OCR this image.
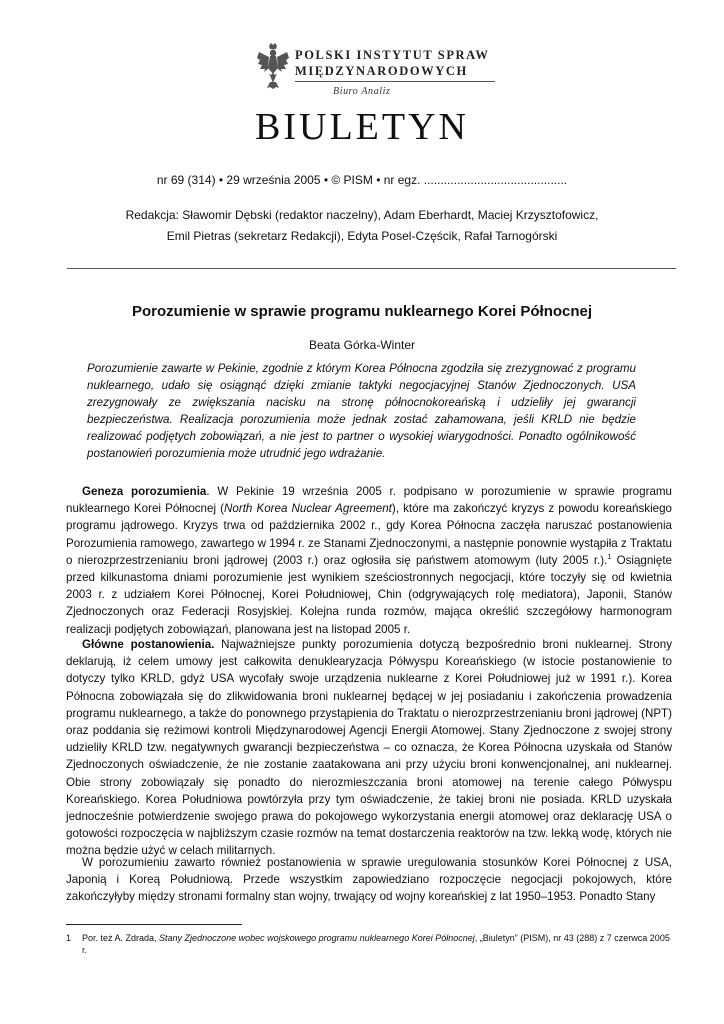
POLSKI INSTYTUT SPRAW
MIĘDZYNARODOWYCH
Biuro Analiz
BIULETYN
nr 69 (314) • 29 września 2005 • © PISM • nr egz. ...........................................
Redakcja: Sławomir Dębski (redaktor naczelny), Adam Eberhardt, Maciej Krzysztofowicz,
Emil Pietras (sekretarz Redakcji), Edyta Posel-Częścik, Rafał Tarnogórski
Porozumienie w sprawie programu nuklearnego Korei Północnej
Beata Górka-Winter
Porozumienie zawarte w Pekinie, zgodnie z którym Korea Północna zgodziła się zrezygnować z programu nuklearnego, udało się osiągnąć dzięki zmianie taktyki negocjacyjnej Stanów Zjednoczonych. USA zrezygnowały ze zwiększania nacisku na stronę północnokoreańską i udzieliły jej gwarancji bezpieczeństwa. Realizacja porozumienia może jednak zostać zahamowana, jeśli KRLD nie będzie realizować podjętych zobowiązań, a nie jest to partner o wysokiej wiarygodności. Ponadto ogólnikowość postanowień porozumienia może utrudnić jego wdrażanie.
Geneza porozumienia. W Pekinie 19 września 2005 r. podpisano w porozumienie w sprawie programu nuklearnego Korei Północnej (North Korea Nuclear Agreement), które ma zakończyć kryzys z powodu koreańskiego programu jądrowego. Kryzys trwa od października 2002 r., gdy Korea Północna zaczęła naruszać postanowienia Porozumienia ramowego, zawartego w 1994 r. ze Stanami Zjednoczonymi, a następnie ponownie wystąpiła z Traktatu o nierozprzestrzenianiu broni jądrowej (2003 r.) oraz ogłosiła się państwem atomowym (luty 2005 r.).$^1$ Osiągnięte przed kilkunastoma dniami porozumienie jest wynikiem sześciostronnych negocjacji, które toczyły się od kwietnia 2003 r. z udziałem Korei Północnej, Korei Południowej, Chin (odgrywających rolę mediatora), Japonii, Stanów Zjednoczonych oraz Federacji Rosyjskiej. Kolejna runda rozmów, mająca określić szczegółowy harmonogram realizacji podjętych zobowiązań, planowana jest na listopad 2005 r.
Główne postanowienia. Najważniejsze punkty porozumienia dotyczą bezpośrednio broni nuklearnej. Strony deklarują, iż celem umowy jest całkowita denuklearyzacja Półwyspu Koreańskiego (w istocie postanowienie to dotyczy tylko KRLD, gdyż USA wycofały swoje urządzenia nuklearne z Korei Południowej już w 1991 r.). Korea Północna zobowiązała się do zlikwidowania broni nuklearnej będącej w jej posiadaniu i zakończenia prowadzenia programu nuklearnego, a także do ponownego przystąpienia do Traktatu o nierozprzestrzenianiu broni jądrowej (NPT) oraz poddania się reżimowi kontroli Międzynarodowej Agencji Energii Atomowej. Stany Zjednoczone z swojej strony udzieliły KRLD tzw. negatywnych gwarancji bezpieczeństwa – co oznacza, że Korea Północna uzyskała od Stanów Zjednoczonych oświadczenie, że nie zostanie zaatakowana ani przy użyciu broni konwencjonalnej, ani nuklearnej. Obie strony zobowiązały się ponadto do nierozmieszczania broni atomowej na terenie całego Półwyspu Koreańskiego. Korea Południowa powtórzyła przy tym oświadczenie, że takiej broni nie posiada. KRLD uzyskała jednocześnie potwierdzenie swojego prawa do pokojowego wykorzystania energii atomowej oraz deklarację USA o gotowości rozpoczęcia w najbliższym czasie rozmów na temat dostarczenia reaktorów na tzw. lekką wodę, których nie można będzie użyć w celach militarnych.
W porozumieniu zawarto również postanowienia w sprawie uregulowania stosunków Korei Północnej z USA, Japonią i Koreą Południową. Przede wszystkim zapowiedziano rozpoczęcie negocjacji pokojowych, które zakończyłyby między stronami formalny stan wojny, trwający od wojny koreańskiej z lat 1950–1953. Ponadto Stany
1 Por. też A. Zdrada, Stany Zjednoczone wobec wojskowego programu nuklearnego Korei Północnej, „Biuletyn” (PISM), nr 43 (288) z 7 czerwca 2005 r.
